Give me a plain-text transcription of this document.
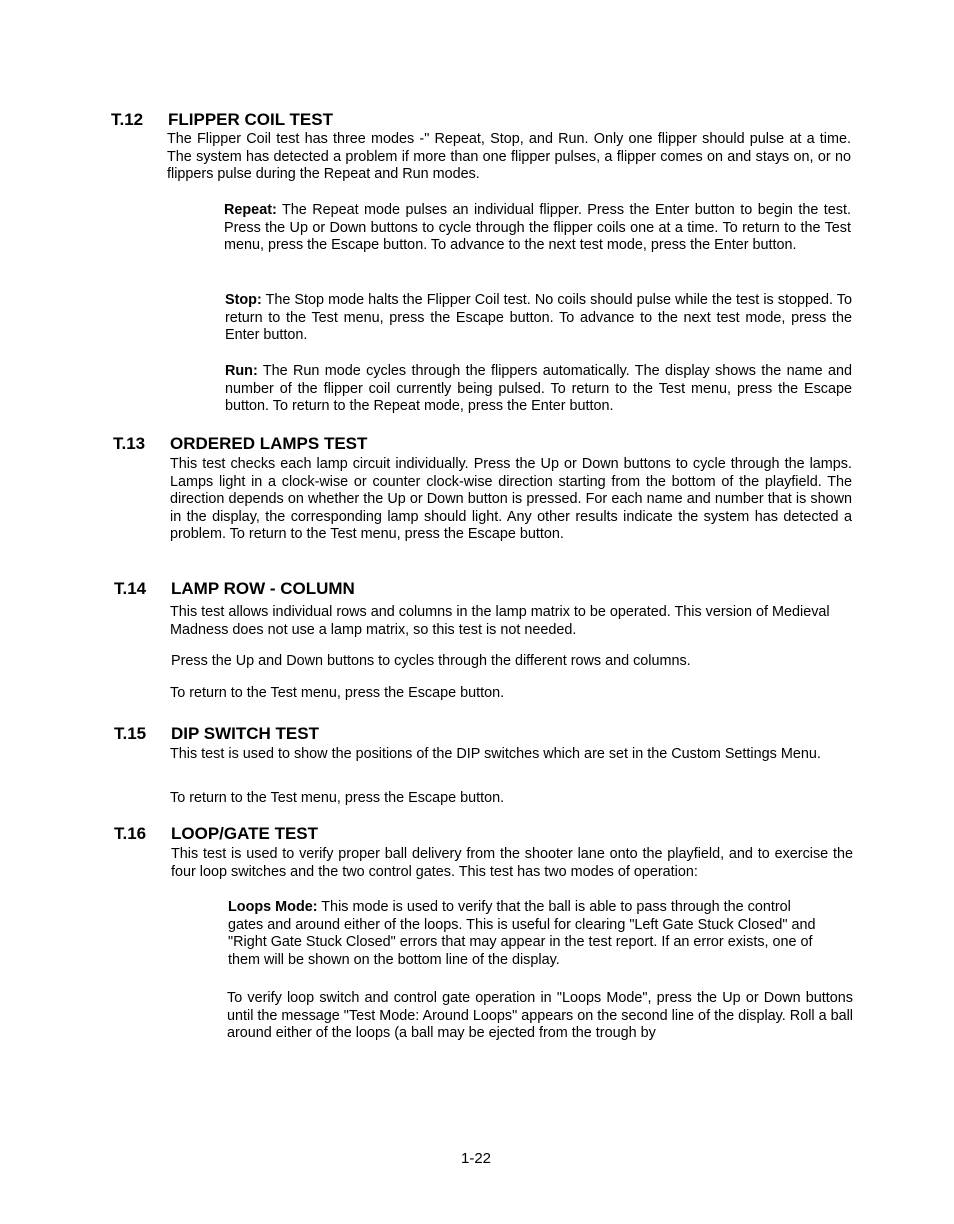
T.12 FLIPPER COIL TEST

The Flipper Coil test has three modes -" Repeat, Stop, and Run. Only one flipper should pulse at a time. The system has detected a problem if more than one flipper pulses, a flipper comes on and stays on, or no flippers pulse during the Repeat and Run modes.

Repeat: The Repeat mode pulses an individual flipper. Press the Enter button to begin the test. Press the Up or Down buttons to cycle through the flipper coils one at a time. To return to the Test menu, press the Escape button. To advance to the next test mode, press the Enter button.

Stop: The Stop mode halts the Flipper Coil test. No coils should pulse while the test is stopped. To return to the Test menu, press the Escape button. To advance to the next test mode, press the Enter button.

Run: The Run mode cycles through the flippers automatically. The display shows the name and number of the flipper coil currently being pulsed. To return to the Test menu, press the Escape button. To return to the Repeat mode, press the Enter button.

T.13 ORDERED LAMPS TEST

This test checks each lamp circuit individually. Press the Up or Down buttons to cycle through the lamps. Lamps light in a clock-wise or counter clock-wise direction starting from the bottom of the playfield. The direction depends on whether the Up or Down button is pressed. For each name and number that is shown in the display, the corresponding lamp should light. Any other results indicate the system has detected a problem. To return to the Test menu, press the Escape button.

T.14 LAMP ROW - COLUMN

This test allows individual rows and columns in the lamp matrix to be operated. This version of Medieval Madness does not use a lamp matrix, so this test is not needed.

Press the Up and Down buttons to cycles through the different rows and columns.

To return to the Test menu, press the Escape button.

T.15 DIP SWITCH TEST

This test is used to show the positions of the DIP switches which are set in the Custom Settings Menu.

To return to the Test menu, press the Escape button.

T.16 LOOP/GATE TEST

This test is used to verify proper ball delivery from the shooter lane onto the playfield, and to exercise the four loop switches and the two control gates. This test has two modes of operation:

Loops Mode: This mode is used to verify that the ball is able to pass through the control gates and around either of the loops. This is useful for clearing "Left Gate Stuck Closed" and "Right Gate Stuck Closed" errors that may appear in the test report. If an error exists, one of them will be shown on the bottom line of the display.

To verify loop switch and control gate operation in "Loops Mode", press the Up or Down buttons until the message "Test Mode: Around Loops" appears on the second line of the display. Roll a ball around either of the loops (a ball may be ejected from the trough by

1-22
